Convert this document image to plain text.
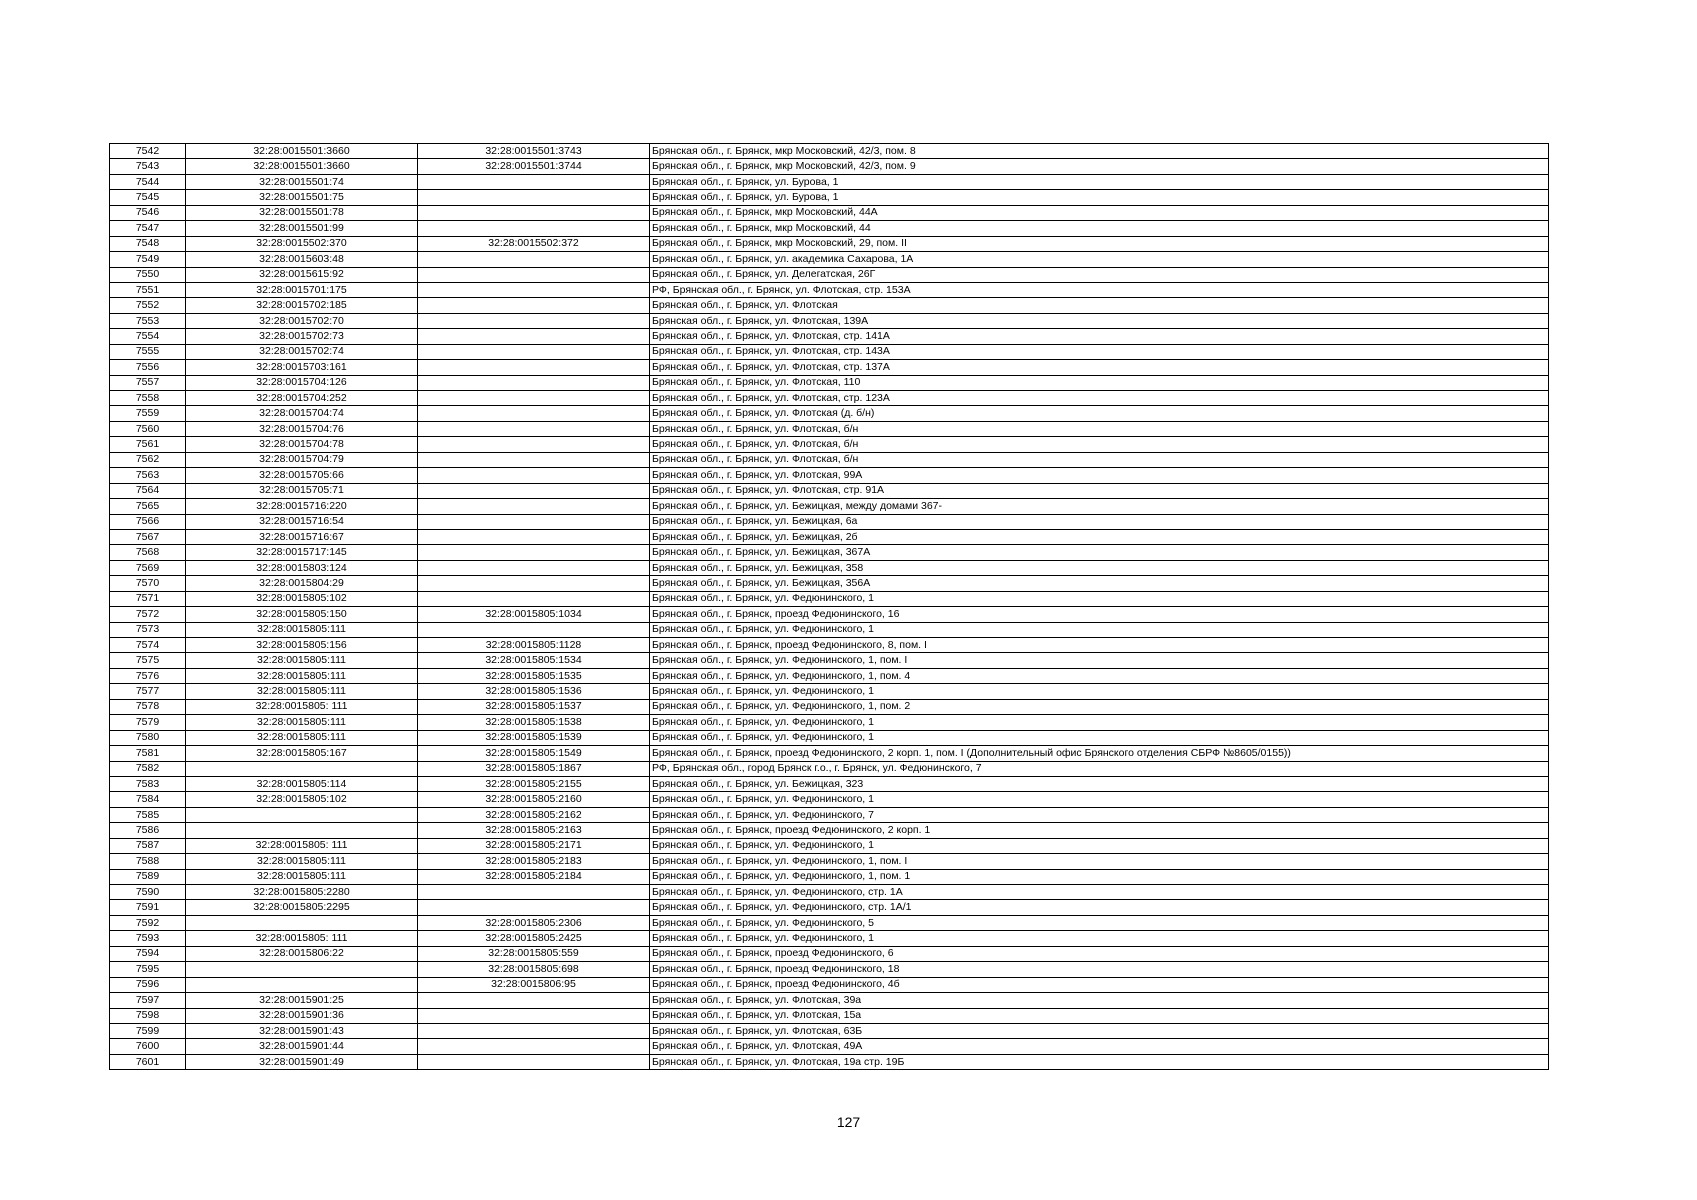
7542	32:28:0015501:3660	32:28:0015501:3743	Брянская обл., г. Брянск, мкр Московский, 42/3, пом. 8
7543	32:28:0015501:3660	32:28:0015501:3744	Брянская обл., г. Брянск, мкр Московский, 42/3, пом. 9
7544	32:28:0015501:74		Брянская обл., г. Брянск, ул. Бурова, 1
7545	32:28:0015501:75		Брянская обл., г. Брянск, ул. Бурова, 1
7546	32:28:0015501:78		Брянская обл., г. Брянск, мкр Московский, 44А
7547	32:28:0015501:99		Брянская обл., г. Брянск, мкр Московский, 44
7548	32:28:0015502:370	32:28:0015502:372	Брянская обл., г. Брянск, мкр Московский, 29, пом. II
7549	32:28:0015603:48		Брянская обл., г. Брянск, ул. академика Сахарова, 1А
7550	32:28:0015615:92		Брянская обл., г. Брянск, ул. Делегатская, 26Г
7551	32:28:0015701:175		РФ, Брянская обл., г. Брянск, ул. Флотская, стр. 153А
7552	32:28:0015702:185		Брянская обл., г. Брянск, ул. Флотская
7553	32:28:0015702:70		Брянская обл., г. Брянск, ул. Флотская, 139А
7554	32:28:0015702:73		Брянская обл., г. Брянск, ул. Флотская, стр. 141А
7555	32:28:0015702:74		Брянская обл., г. Брянск, ул. Флотская, стр. 143А
7556	32:28:0015703:161		Брянская обл., г. Брянск, ул. Флотская, стр. 137А
7557	32:28:0015704:126		Брянская обл., г. Брянск, ул. Флотская, 110
7558	32:28:0015704:252		Брянская обл., г. Брянск, ул. Флотская, стр. 123А
7559	32:28:0015704:74		Брянская обл., г. Брянск, ул. Флотская (д. б/н)
7560	32:28:0015704:76		Брянская обл., г. Брянск, ул. Флотская, б/н
7561	32:28:0015704:78		Брянская обл., г. Брянск, ул. Флотская, б/н
7562	32:28:0015704:79		Брянская обл., г. Брянск, ул. Флотская, б/н
7563	32:28:0015705:66		Брянская обл., г. Брянск, ул. Флотская, 99А
7564	32:28:0015705:71		Брянская обл., г. Брянск, ул. Флотская, стр. 91А
7565	32:28:0015716:220		Брянская обл., г. Брянск, ул. Бежицкая, между домами 367-
7566	32:28:0015716:54		Брянская обл., г. Брянск, ул. Бежицкая, 6а
7567	32:28:0015716:67		Брянская обл., г. Брянск, ул. Бежицкая, 2б
7568	32:28:0015717:145		Брянская обл., г. Брянск, ул. Бежицкая, 367А
7569	32:28:0015803:124		Брянская обл., г. Брянск, ул. Бежицкая, 358
7570	32:28:0015804:29		Брянская обл., г. Брянск, ул. Бежицкая, 356А
7571	32:28:0015805:102		Брянская обл., г. Брянск, ул. Федюнинского, 1
7572	32:28:0015805:150	32:28:0015805:1034	Брянская обл., г. Брянск, проезд Федюнинского, 16
7573	32:28:0015805:111		Брянская обл., г. Брянск, ул. Федюнинского, 1
7574	32:28:0015805:156	32:28:0015805:1128	Брянская обл., г. Брянск, проезд Федюнинского, 8, пом. I
7575	32:28:0015805:111	32:28:0015805:1534	Брянская обл., г. Брянск, ул. Федюнинского, 1, пом. I
7576	32:28:0015805:111	32:28:0015805:1535	Брянская обл., г. Брянск, ул. Федюнинского, 1, пом. 4
7577	32:28:0015805:111	32:28:0015805:1536	Брянская обл., г. Брянск, ул. Федюнинского, 1
7578	32:28:0015805: 111	32:28:0015805:1537	Брянская обл., г. Брянск, ул. Федюнинского, 1, пом. 2
7579	32:28:0015805:111	32:28:0015805:1538	Брянская обл., г. Брянск, ул. Федюнинского, 1
7580	32:28:0015805:111	32:28:0015805:1539	Брянская обл., г. Брянск, ул. Федюнинского, 1
7581	32:28:0015805:167	32:28:0015805:1549	Брянская обл., г. Брянск, проезд Федюнинского, 2 корп. 1, пом. I (Дополнительный офис Брянского отделения СБРФ №8605/0155))
7582		32:28:0015805:1867	РФ, Брянская обл., город Брянск г.о., г. Брянск, ул. Федюнинского, 7
7583	32:28:0015805:114	32:28:0015805:2155	Брянская обл., г. Брянск, ул. Бежицкая, 323
7584	32:28:0015805:102	32:28:0015805:2160	Брянская обл., г. Брянск, ул. Федюнинского, 1
7585		32:28:0015805:2162	Брянская обл., г. Брянск, ул. Федюнинского, 7
7586		32:28:0015805:2163	Брянская обл., г. Брянск, проезд Федюнинского, 2 корп. 1
7587	32:28:0015805: 111	32:28:0015805:2171	Брянская обл., г. Брянск, ул. Федюнинского, 1
7588	32:28:0015805:111	32:28:0015805:2183	Брянская обл., г. Брянск, ул. Федюнинского, 1, пом. I
7589	32:28:0015805:111	32:28:0015805:2184	Брянская обл., г. Брянск, ул. Федюнинского, 1, пом. 1
7590	32:28:0015805:2280		Брянская обл., г. Брянск, ул. Федюнинского, стр. 1А
7591	32:28:0015805:2295		Брянская обл., г. Брянск, ул. Федюнинского, стр. 1А/1
7592		32:28:0015805:2306	Брянская обл., г. Брянск, ул. Федюнинского, 5
7593	32:28:0015805: 111	32:28:0015805:2425	Брянская обл., г. Брянск, ул. Федюнинского, 1
7594	32:28:0015806:22	32:28:0015805:559	Брянская обл., г. Брянск, проезд Федюнинского, 6
7595		32:28:0015805:698	Брянская обл., г. Брянск, проезд Федюнинского, 18
7596		32:28:0015806:95	Брянская обл., г. Брянск, проезд Федюнинского, 4б
7597	32:28:0015901:25		Брянская обл., г. Брянск, ул. Флотская, 39а
7598	32:28:0015901:36		Брянская обл., г. Брянск, ул. Флотская, 15а
7599	32:28:0015901:43		Брянская обл., г. Брянск, ул. Флотская, 63Б
7600	32:28:0015901:44		Брянская обл., г. Брянск, ул. Флотская, 49А
7601	32:28:0015901:49		Брянская обл., г. Брянск, ул. Флотская, 19а стр. 19Б
127
